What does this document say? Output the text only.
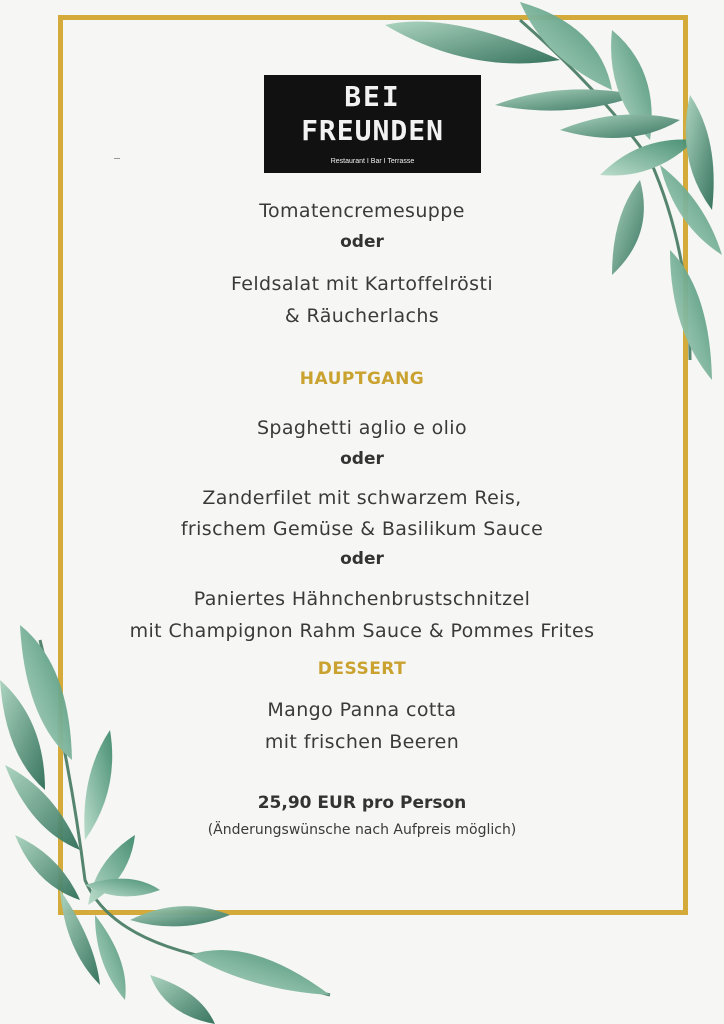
BEI
FREUNDEN
Restaurant I Bar I Terrasse
Tomatencremesuppe
oder
Feldsalat mit Kartoffelrösti
& Räucherlachs
HAUPTGANG
Spaghetti aglio e olio
oder
Zanderfilet mit schwarzem Reis,
frischem Gemüse & Basilikum Sauce
oder
Paniertes Hähnchenbrustschnitzel
mit Champignon Rahm Sauce & Pommes Frites
DESSERT
Mango Panna cotta
mit frischen Beeren
25,90 EUR pro Person
(Änderungswünsche nach Aufpreis möglich)
